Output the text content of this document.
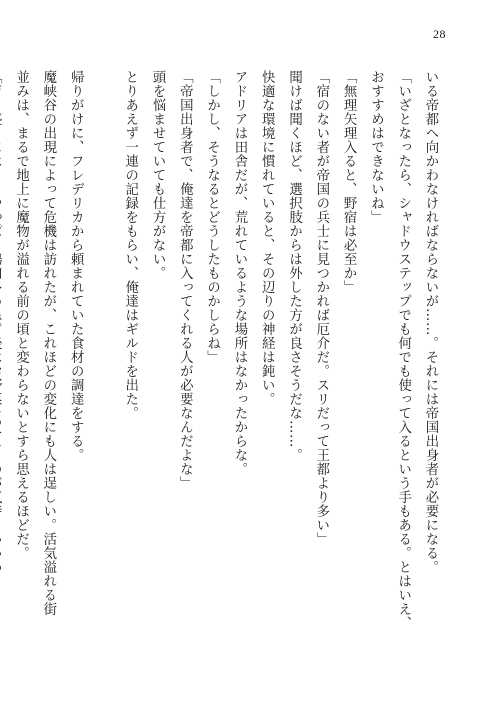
28

いる帝都へ向かわなければならないが……。それには帝国出身者が必要になる。

「いざとなったら、シャドウステップでも何でも使って入るという手もある。とはいえ、

おすすめはできないね」

「無理矢理入ると、野宿は必至か」

「宿のない者が帝国の兵士に見つかれば厄介だ。スリだって王都より多い」

聞けば聞くほど、選択肢からは外した方が良さそうだな……。

快適な環境に慣れていると、その辺りの神経は鈍い。

アドリアは田舎だが、荒れているような場所はなかったからな。

「しかし、そうなるとどうしたものかしらね」

「帝国出身者で、俺達を帝都に入ってくれる人が必要なんだよな」

頭を悩ませていても仕方がない。

とりあえず一連の記録をもらい、俺達はギルドを出た。

帰りがけに、フレデリカから頼まれていた食材の調達をする。

魔峡谷の出現によって危機は訪れたが、これほどの変化にも人は逞しい。活気溢れる街

並みは、まるで地上に魔物が溢れる前の頃と変わらないとすら思えるほどだ。
